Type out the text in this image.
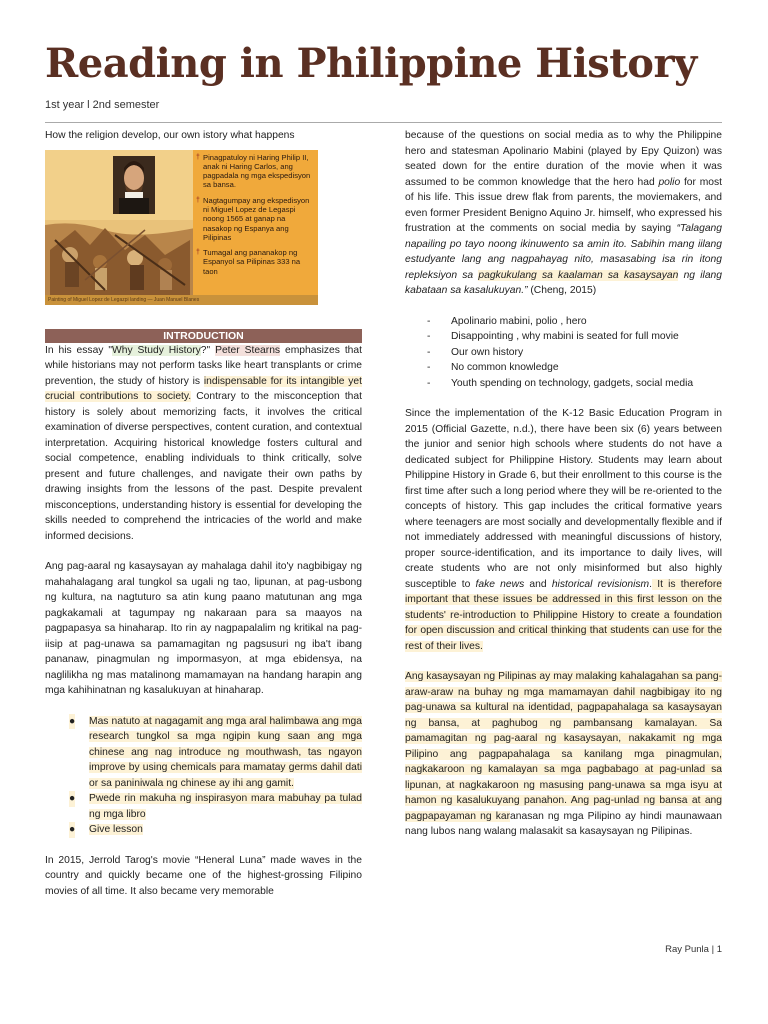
Reading in Philippine History
1st year l 2nd semester
How the religion develop, our own istory what happens
† Pinagpatuloy ni Haring Philip II, anak ni Haring Carlos, ang pagpadala ng mga ekspedisyon sa bansa.
† Nagtagumpay ang ekspedisyon ni Miguel Lopez de Legaspi noong 1565 at ganap na nasakop ng Espanya ang Pilipinas
† Tumagal ang pananakop ng Espanyol sa Pilipinas 333 na taon
Painting of Miguel Lopez de Legazpi landing — Juan Manuel Blanes
INTRODUCTION

In his essay "Why Study History?" Peter Stearns emphasizes that while historians may not perform tasks like heart transplants or crime prevention, the study of history is indispensable for its intangible yet crucial contributions to society. Contrary to the misconception that history is solely about memorizing facts, it involves the critical examination of diverse perspectives, content curation, and contextual interpretation. Acquiring historical knowledge fosters cultural and social competence, enabling individuals to think critically, solve present and future challenges, and navigate their own paths by drawing insights from the lessons of the past. Despite prevalent misconceptions, understanding history is essential for developing the skills needed to comprehend the intricacies of the world and make informed decisions.

Ang pag-aaral ng kasaysayan ay mahalaga dahil ito'y nagbibigay ng mahahalagang aral tungkol sa ugali ng tao, lipunan, at pag-usbong ng kultura, na nagtuturo sa atin kung paano matutunan ang mga pagkakamali at tagumpay ng nakaraan para sa maayos na pagpapasya sa hinaharap. Ito rin ay nagpapalalim ng kritikal na pag-iisip at pag-unawa sa pamamagitan ng pagsusuri ng iba't ibang pananaw, pinagmulan ng impormasyon, at mga ebidensya, na naglilikha ng mas matalinong mamamayan na handang harapin ang mga kahihinatnan ng kasalukuyan at hinaharap.

● Mas natuto at nagagamit ang mga aral halimbawa ang mga research tungkol sa mga ngipin kung saan ang mga chinese ang nag introduce ng mouthwash, tas ngayon improve by using chemicals para mamatay germs dahil dati or sa paniniwala ng chinese ay ihi ang gamit.
● Pwede rin makuha ng inspirasyon mara mabuhay pa tulad ng mga libro
● Give lesson

In 2015, Jerrold Tarog's movie “Heneral Luna” made waves in the country and quickly became one of the highest-grossing Filipino movies of all time. It also became very memorable

because of the questions on social media as to why the Philippine hero and statesman Apolinario Mabini (played by Epy Quizon) was seated down for the entire duration of the movie when it was assumed to be common knowledge that the hero had polio for most of his life. This issue drew flak from parents, the moviemakers, and even former President Benigno Aquino Jr. himself, who expressed his frustration at the comments on social media by saying “Talagang napailing po tayo noong ikinuwento sa amin ito. Sabihin mang iilang estudyante lang ang nagpahayag nito, masasabing isa rin itong repleksiyon sa pagkukulang sa kaalaman sa kasaysayan ng ilang kabataan sa kasalukuyan.” (Cheng, 2015)

- Apolinario mabini, polio , hero
- Disappointing , why mabini is seated for full movie
- Our own history
- No common knowledge
- Youth spending on technology, gadgets, social media

Since the implementation of the K-12 Basic Education Program in 2015 (Official Gazette, n.d.), there have been six (6) years between the junior and senior high schools where students do not have a dedicated subject for Philippine History. Students may learn about Philippine History in Grade 6, but their enrollment to this course is the first time after such a long period where they will be re-oriented to the concepts of history. This gap includes the critical formative years where teenagers are most socially and developmentally flexible and if not immediately addressed with meaningful discussions of history, proper source-identification, and its importance to daily lives, will create students who are not only misinformed but also highly susceptible to fake news and historical revisionism. It is therefore important that these issues be addressed in this first lesson on the students' re-introduction to Philippine History to create a foundation for open discussion and critical thinking that students can use for the rest of their lives.

Ang kasaysayan ng Pilipinas ay may malaking kahalagahan sa pang-araw-araw na buhay ng mga mamamayan dahil nagbibigay ito ng pag-unawa sa kultural na identidad, pagpapahalaga sa kasaysayan ng bansa, at paghubog ng pambansang kamalayan. Sa pamamagitan ng pag-aaral ng kasaysayan, nakakamit ng mga Pilipino ang pagpapahalaga sa kanilang mga pinagmulan, nagkakaroon ng kamalayan sa mga pagbabago at pag-unlad sa lipunan, at nagkakaroon ng masusing pang-unawa sa mga isyu at hamon ng kasalukuyang panahon. Ang pag-unlad ng bansa at ang pagpapayaman ng karanasan ng mga Pilipino ay hindi maunawaan nang lubos nang walang malasakit sa kasaysayan ng Pilipinas.

Ray Punla | 1
